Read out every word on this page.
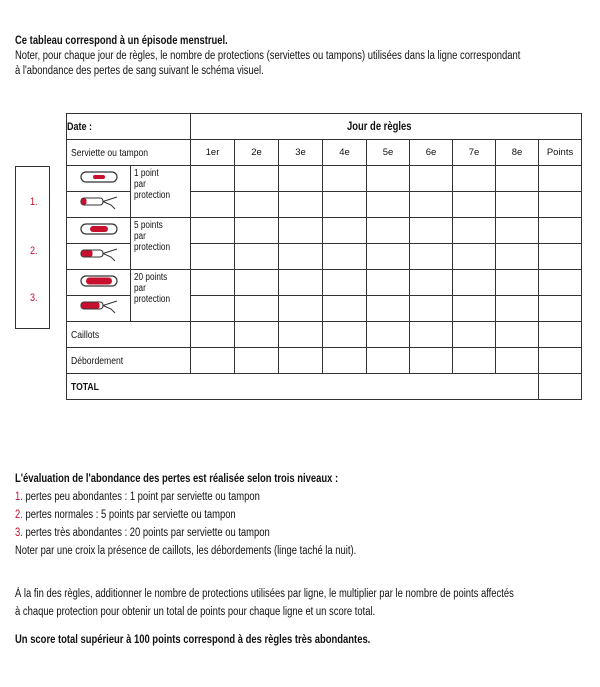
Ce tableau correspond à un épisode menstruel.
Noter, pour chaque jour de règles, le nombre de protections (serviettes ou tampons) utilisées dans la ligne correspondant
à l'abondance des pertes de sang suivant le schéma visuel.
1.
2.
3.
Date :		Jour de règles								
Serviette ou tampon		1er	2e	3e	4e	5e	6e	7e	8e	Points

1 point
par
protection									

5 points
par
protection									

20 points
par
protection									

Caillots										
Débordement										
TOTAL										
L'évaluation de l'abondance des pertes est réalisée selon trois niveaux :
1. pertes peu abondantes : 1 point par serviette ou tampon
2. pertes normales : 5 points par serviette ou tampon
3. pertes très abondantes : 20 points par serviette ou tampon
Noter par une croix la présence de caillots, les débordements (linge taché la nuit).
À la fin des règles, additionner le nombre de protections utilisées par ligne, le multiplier par le nombre de points affectés
à chaque protection pour obtenir un total de points pour chaque ligne et un score total.
Un score total supérieur à 100 points correspond à des règles très abondantes.
